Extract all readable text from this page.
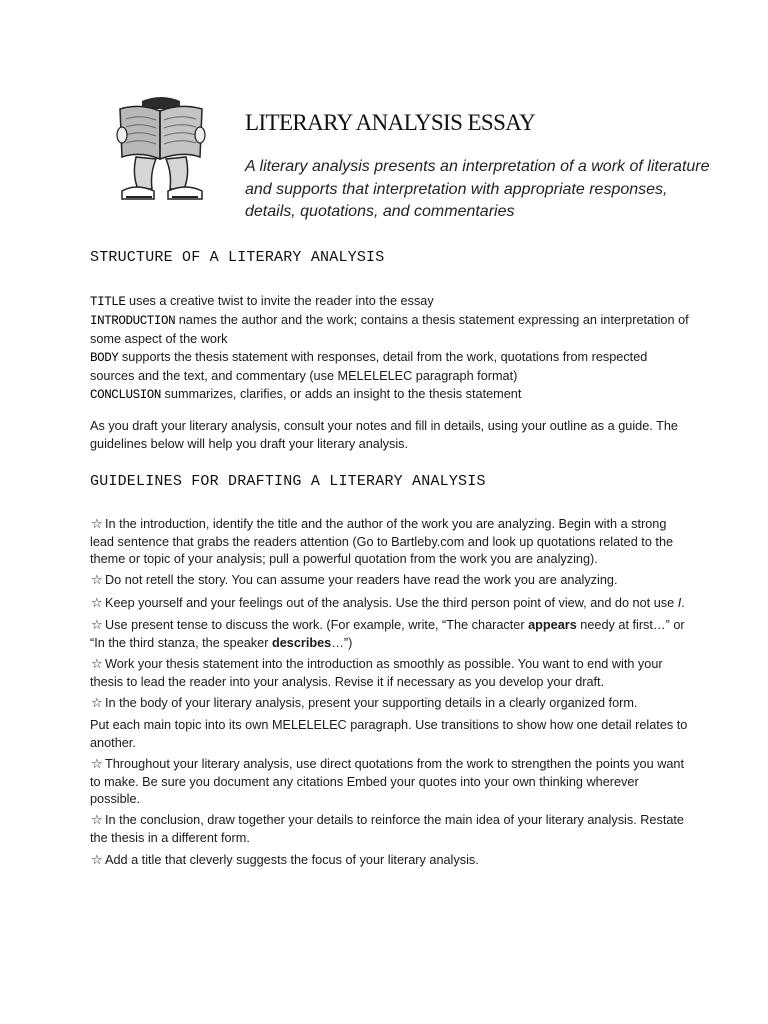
LITERARY ANALYSIS ESSAY

A literary analysis presents an interpretation of a work of literature and supports that interpretation with appropriate responses, details, quotations, and commentaries

STRUCTURE OF A LITERARY ANALYSIS

TITLE uses a creative twist to invite the reader into the essay

INTRODUCTION names the author and the work; contains a thesis statement expressing an interpretation of some aspect of the work

BODY supports the thesis statement with responses, detail from the work, quotations from respected sources and the text, and commentary (use MELELELEC paragraph format)

CONCLUSION summarizes, clarifies, or adds an insight to the thesis statement

As you draft your literary analysis, consult your notes and fill in details, using your outline as a guide. The guidelines below will help you draft your literary analysis.

GUIDELINES FOR DRAFTING A LITERARY ANALYSIS

☆ In the introduction, identify the title and the author of the work you are analyzing. Begin with a strong lead sentence that grabs the readers attention (Go to Bartleby.com and look up quotations related to the theme or topic of your analysis; pull a powerful quotation from the work you are analyzing).

☆ Do not retell the story. You can assume your readers have read the work you are analyzing.

☆ Keep yourself and your feelings out of the analysis. Use the third person point of view, and do not use I.

☆ Use present tense to discuss the work. (For example, write, “The character appears needy at first…” or “In the third stanza, the speaker describes…”)

☆ Work your thesis statement into the introduction as smoothly as possible. You want to end with your thesis to lead the reader into your analysis. Revise it if necessary as you develop your draft.

☆ In the body of your literary analysis, present your supporting details in a clearly organized form.

Put each main topic into its own MELELELEC paragraph. Use transitions to show how one detail relates to another.

☆ Throughout your literary analysis, use direct quotations from the work to strengthen the points you want to make. Be sure you document any citations Embed your quotes into your own thinking wherever possible.

☆ In the conclusion, draw together your details to reinforce the main idea of your literary analysis. Restate the thesis in a different form.

☆ Add a title that cleverly suggests the focus of your literary analysis.
